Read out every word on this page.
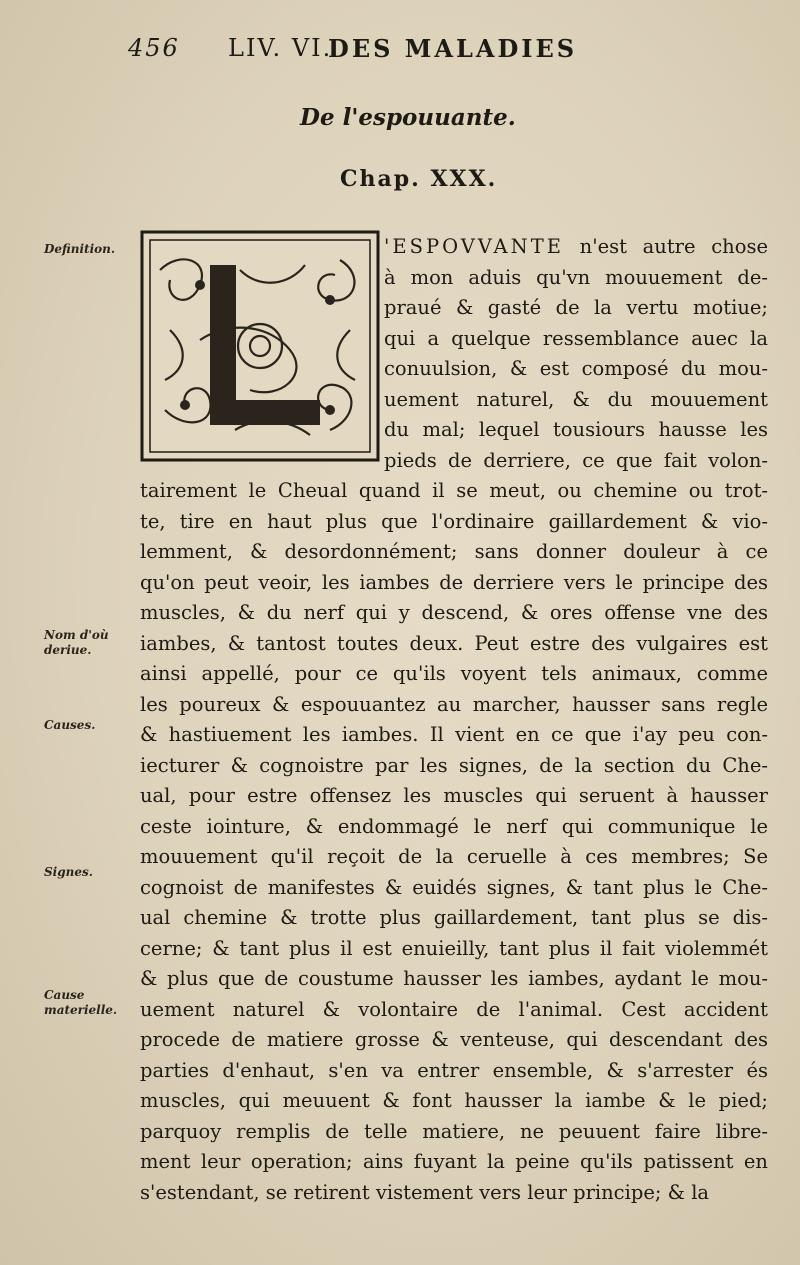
456 LIV. VI.
DES MALADIES
De l'espouuante.
Chap. XXX.
'ESPOVVANTE n'est autre chose
à mon aduis qu'vn mouuement de-
praué & gasté de la vertu motiue;
qui a quelque ressemblance auec la
conuulsion, & est composé du mou-
uement naturel, & du mouuement
du mal; lequel tousiours hausse les
pieds de derriere, ce que fait volon-
tairement le Cheual quand il se meut, ou chemine ou trot-
te, tire en haut plus que l'ordinaire gaillardement & vio-
lemment, & desordonnément; sans donner douleur à ce
qu'on peut veoir, les iambes de derriere vers le principe des
muscles, & du nerf qui y descend, & ores offense vne des
iambes, & tantost toutes deux. Peut estre des vulgaires est
ainsi appellé, pour ce qu'ils voyent tels animaux, comme
les poureux & espouuantez au marcher, hausser sans regle
& hastiuement les iambes. Il vient en ce que i'ay peu con-
iecturer & cognoistre par les signes, de la section du Che-
ual, pour estre offensez les muscles qui seruent à hausser
ceste iointure, & endommagé le nerf qui communique le
mouuement qu'il reçoit de la ceruelle à ces membres; Se
cognoist de manifestes & euidés signes, & tant plus le Che-
ual chemine & trotte plus gaillardement, tant plus se dis-
cerne; & tant plus il est enuieilly, tant plus il fait violemmét
& plus que de coustume hausser les iambes, aydant le mou-
uement naturel & volontaire de l'animal. Cest accident
procede de matiere grosse & venteuse, qui descendant des
parties d'enhaut, s'en va entrer ensemble, & s'arrester és
muscles, qui meuuent & font hausser la iambe & le pied;
parquoy remplis de telle matiere, ne peuuent faire libre-
ment leur operation; ains fuyant la peine qu'ils patissent en
s'estendant, se retirent vistement vers leur principe; & la
Definition.
Nom d'où deriue.
Causes.
Signes.
Cause materielle.
